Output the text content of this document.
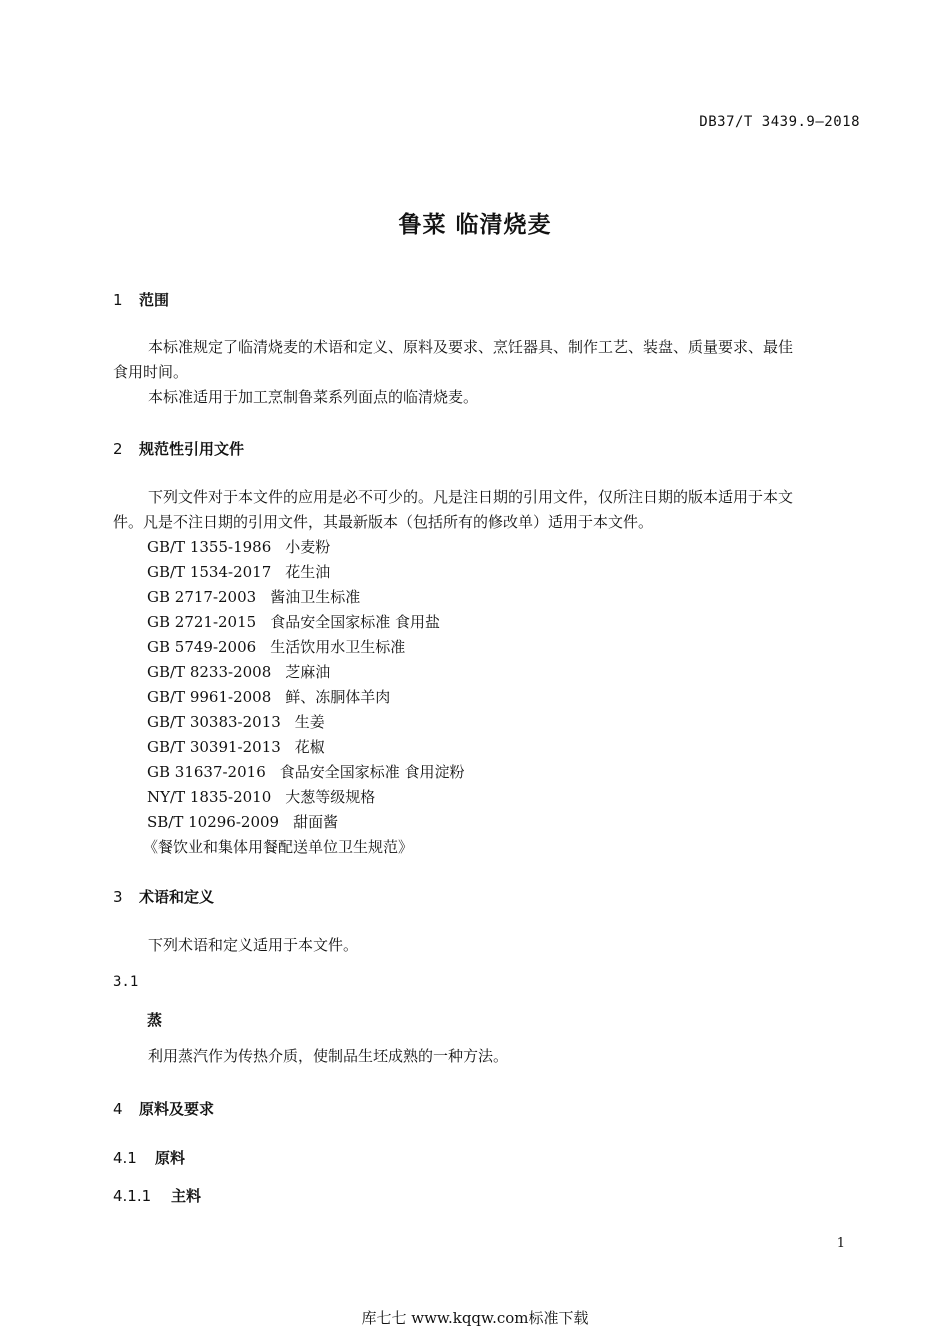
DB37/T 3439.9—2018
鲁菜 临清烧麦
1 范围
本标准规定了临清烧麦的术语和定义、原料及要求、烹饪器具、制作工艺、装盘、质量要求、最佳
食用时间。
本标准适用于加工烹制鲁菜系列面点的临清烧麦。
2 规范性引用文件
下列文件对于本文件的应用是必不可少的。凡是注日期的引用文件，仅所注日期的版本适用于本文
件。凡是不注日期的引用文件，其最新版本（包括所有的修改单）适用于本文件。
GB/T 1355-1986 小麦粉
GB/T 1534-2017 花生油
GB 2717-2003 酱油卫生标准
GB 2721-2015 食品安全国家标准 食用盐
GB 5749-2006 生活饮用水卫生标准
GB/T 8233-2008 芝麻油
GB/T 9961-2008 鲜、冻胴体羊肉
GB/T 30383-2013 生姜
GB/T 30391-2013 花椒
GB 31637-2016 食品安全国家标准 食用淀粉
NY/T 1835-2010 大葱等级规格
SB/T 10296-2009 甜面酱
《餐饮业和集体用餐配送单位卫生规范》
3 术语和定义
下列术语和定义适用于本文件。
3.1
蒸
利用蒸汽作为传热介质，使制品生坯成熟的一种方法。
4 原料及要求
4.1 原料
4.1.1 主料
1
库七七 www.kqqw.com标准下载
